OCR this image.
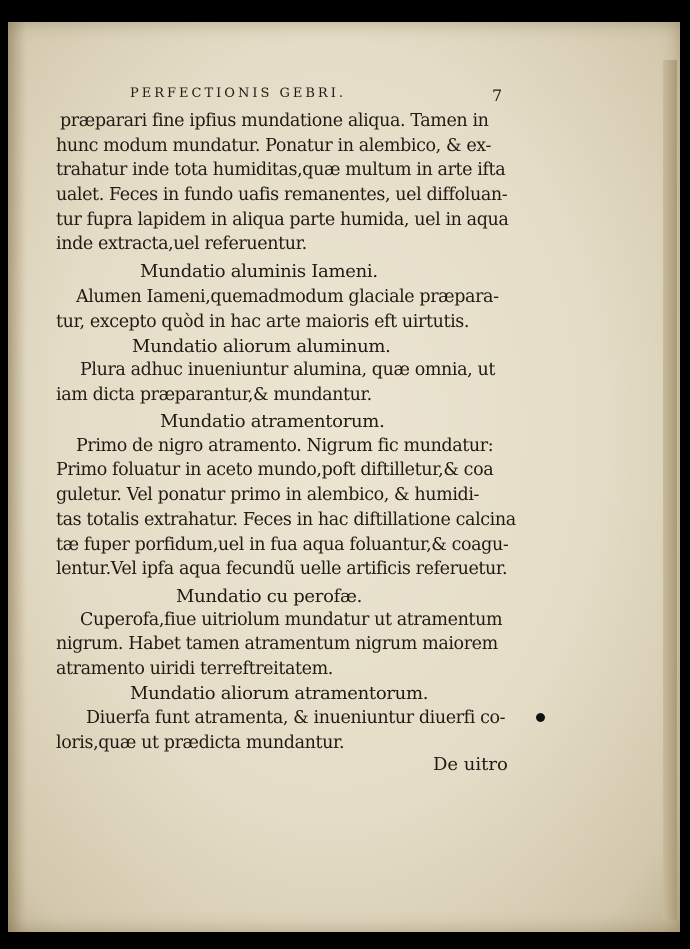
PERFECTIONIS GEBRI.	7
præparari fine ipfius mundatione aliqua. Tamen in
hunc modum mundatur. Ponatur in alembico, & ex-
trahatur inde tota humiditas,quæ multum in arte ifta
ualet. Feces in fundo uafis remanentes, uel diffoluan-
tur fupra lapidem in aliqua parte humida, uel in aqua
inde extracta,uel referuentur.
Mundatio aluminis Iameni.
Alumen Iameni,quemadmodum glaciale præpara-
tur, excepto quòd in hac arte maioris eft uirtutis.
Mundatio aliorum aluminum.
Plura adhuc inueniuntur alumina, quæ omnia, ut
iam dicta præparantur,& mundantur.
Mundatio atramentorum.
Primo de nigro atramento. Nigrum fic mundatur:
Primo foluatur in aceto mundo,poft diftilletur,& coa
guletur. Vel ponatur primo in alembico, & humidi-
tas totalis extrahatur. Feces in hac diftillatione calcina
tæ fuper porfidum,uel in fua aqua foluantur,& coagu-
lentur.Vel ipfa aqua fecundũ uelle artificis referuetur.
Mundatio cu perofæ.
Cuperofa,fiue uitriolum mundatur ut atramentum
nigrum. Habet tamen atramentum nigrum maiorem
atramento uiridi terreftreitatem.
Mundatio aliorum atramentorum.
Diuerfa funt atramenta, & inueniuntur diuerfi co-
loris,quæ ut prædicta mundantur.
De uitro
